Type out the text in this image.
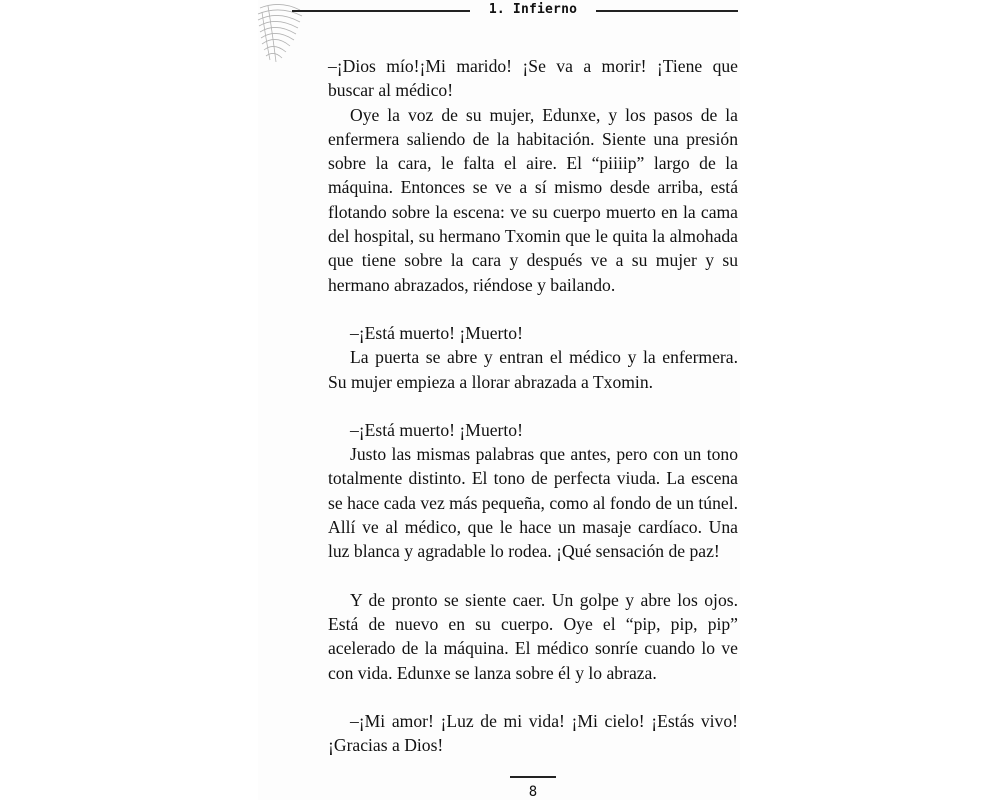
1. Infierno

–¡Dios mío!¡Mi marido! ¡Se va a morir! ¡Tiene que buscar al médico!

Oye la voz de su mujer, Edunxe, y los pasos de la enfermera saliendo de la habitación. Siente una presión sobre la cara, le falta el aire. El “piiiip” largo de la máquina. Entonces se ve a sí mismo desde arriba, está flotando sobre la escena: ve su cuerpo muerto en la cama del hospital, su hermano Txomin que le quita la almohada que tiene sobre la cara y después ve a su mujer y su hermano abrazados, riéndose y bailando.

–¡Está muerto! ¡Muerto!

La puerta se abre y entran el médico y la enfermera. Su mujer empieza a llorar abrazada a Txomin.

–¡Está muerto! ¡Muerto!

Justo las mismas palabras que antes, pero con un tono totalmente distinto. El tono de perfecta viuda. La escena se hace cada vez más pequeña, como al fondo de un túnel. Allí ve al médico, que le hace un masaje cardíaco. Una luz blanca y agradable lo rodea. ¡Qué sensación de paz!

Y de pronto se siente caer. Un golpe y abre los ojos. Está de nuevo en su cuerpo. Oye el “pip, pip, pip” acelerado de la máquina. El médico sonríe cuando lo ve con vida. Edunxe se lanza sobre él y lo abraza.

–¡Mi amor! ¡Luz de mi vida! ¡Mi cielo! ¡Estás vivo! ¡Gracias a Dios!

8
